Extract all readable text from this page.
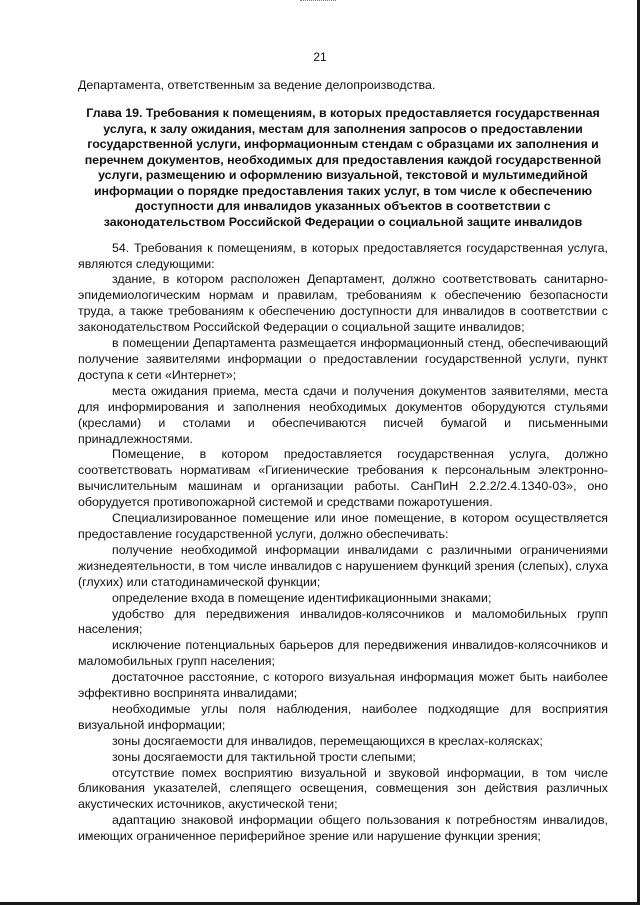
21

Департамента, ответственным за ведение делопроизводства.

Глава 19. Требования к помещениям, в которых предоставляется государственная услуга, к залу ожидания, местам для заполнения запросов о предоставлении государственной услуги, информационным стендам с образцами их заполнения и перечнем документов, необходимых для предоставления каждой государственной услуги, размещению и оформлению визуальной, текстовой и мультимедийной информации о порядке предоставления таких услуг, в том числе к обеспечению доступности для инвалидов указанных объектов в соответствии с законодательством Российской Федерации о социальной защите инвалидов

54. Требования к помещениям, в которых предоставляется государственная услуга, являются следующими:

здание, в котором расположен Департамент, должно соответствовать санитарно-эпидемиологическим нормам и правилам, требованиям к обеспечению безопасности труда, а также требованиям к обеспечению доступности для инвалидов в соответствии с законодательством Российской Федерации о социальной защите инвалидов;

в помещении Департамента размещается информационный стенд, обеспечивающий получение заявителями информации о предоставлении государственной услуги, пункт доступа к сети «Интернет»;

места ожидания приема, места сдачи и получения документов заявителями, места для информирования и заполнения необходимых документов оборудуются стульями (креслами) и столами и обеспечиваются писчей бумагой и письменными принадлежностями.

Помещение, в котором предоставляется государственная услуга, должно соответствовать нормативам «Гигиенические требования к персональным электронно-вычислительным машинам и организации работы. СанПиН 2.2.2/2.4.1340-03», оно оборудуется противопожарной системой и средствами пожаротушения.

Специализированное помещение или иное помещение, в котором осуществляется предоставление государственной услуги, должно обеспечивать:

получение необходимой информации инвалидами с различными ограничениями жизнедеятельности, в том числе инвалидов с нарушением функций зрения (слепых), слуха (глухих) или статодинамической функции;

определение входа в помещение идентификационными знаками;

удобство для передвижения инвалидов-колясочников и маломобильных групп населения;

исключение потенциальных барьеров для передвижения инвалидов-колясочников и маломобильных групп населения;

достаточное расстояние, с которого визуальная информация может быть наиболее эффективно воспринята инвалидами;

необходимые углы поля наблюдения, наиболее подходящие для восприятия визуальной информации;

зоны досягаемости для инвалидов, перемещающихся в креслах-колясках;

зоны досягаемости для тактильной трости слепыми;

отсутствие помех восприятию визуальной и звуковой информации, в том числе бликования указателей, слепящего освещения, совмещения зон действия различных акустических источников, акустической тени;

адаптацию знаковой информации общего пользования к потребностям инвалидов, имеющих ограниченное периферийное зрение или нарушение функции зрения;
